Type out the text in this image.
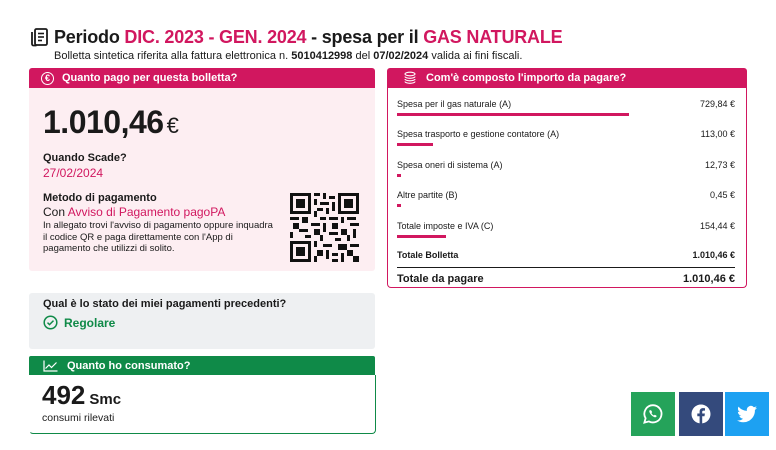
Periodo DIC. 2023 - GEN. 2024 - spesa per il GAS NATURALE
Bolletta sintetica riferita alla fattura elettronica n. 5010412998 del 07/02/2024 valida ai fini fiscali.
€	Quanto pago per questa bolletta?
1.010,46 €
Quando Scade?
27/02/2024
Metodo di pagamento
Con Avviso di Pagamento pagoPA
In allegato trovi l'avviso di pagamento oppure inquadra il codice QR e paga direttamente con l'App di pagamento che utilizzi di solito.
Com'è composto l'importo da pagare?
Spesa per il gas naturale (A)	729,84 €
Spesa trasporto e gestione contatore (A)	113,00 €
Spesa oneri di sistema (A)	12,73 €
Altre partite (B)	0,45 €
Totale imposte e IVA (C)	154,44 €
Totale Bolletta	1.010,46 €
Totale da pagare	1.010,46 €
Qual è lo stato dei miei pagamenti precedenti?
Regolare
Quanto ho consumato?
492 Smc
consumi rilevati
